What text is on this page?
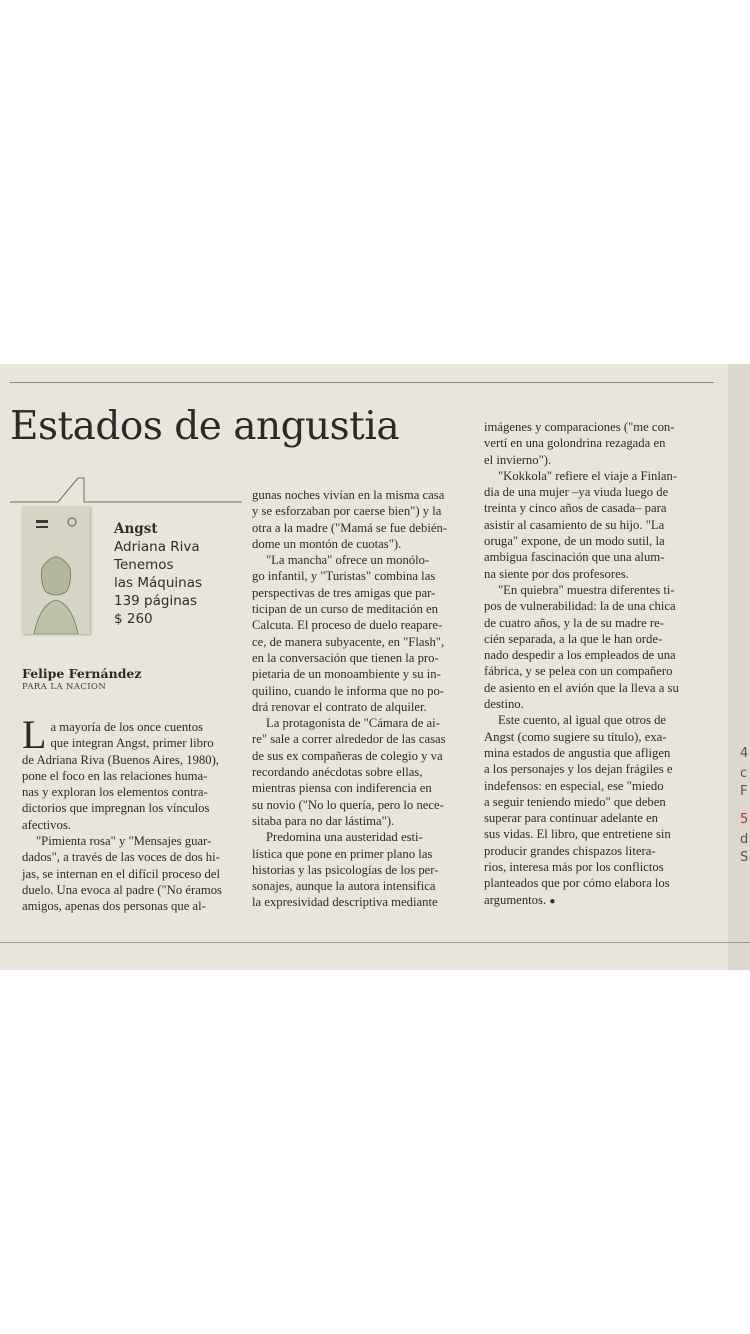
Estados de angustia
Angst
Adriana Riva
Tenemos
las Máquinas
139 páginas
$ 260
Felipe Fernández
PARA LA NACION
L a mayoría de los once cuentos
que integran Angst, primer libro
de Adriana Riva (Buenos Aires, 1980),
pone el foco en las relaciones huma-
nas y exploran los elementos contra-
dictorios que impregnan los vínculos
afectivos.
"Pimienta rosa" y "Mensajes guar-
dados", a través de las voces de dos hi-
jas, se internan en el difícil proceso del
duelo. Una evoca al padre ("No éramos
amigos, apenas dos personas que al-
gunas noches vivían en la misma casa
y se esforzaban por caerse bien") y la
otra a la madre ("Mamá se fue debién-
dome un montón de cuotas").
"La mancha" ofrece un monólo-
go infantil, y "Turistas" combina las
perspectivas de tres amigas que par-
ticipan de un curso de meditación en
Calcuta. El proceso de duelo reapare-
ce, de manera subyacente, en "Flash",
en la conversación que tienen la pro-
pietaria de un monoambiente y su in-
quilino, cuando le informa que no po-
drá renovar el contrato de alquiler.
La protagonista de "Cámara de ai-
re" sale a correr alrededor de las casas
de sus ex compañeras de colegio y va
recordando anécdotas sobre ellas,
mientras piensa con indiferencia en
su novio ("No lo quería, pero lo nece-
sitaba para no dar lástima").
Predomina una austeridad esti-
lística que pone en primer plano las
historias y las psicologías de los per-
sonajes, aunque la autora intensifica
la expresividad descriptiva mediante
imágenes y comparaciones ("me con-
vertí en una golondrina rezagada en
el invierno").
"Kokkola" refiere el viaje a Finlan-
dia de una mujer –ya viuda luego de
treinta y cinco años de casada– para
asistir al casamiento de su hijo. "La
oruga" expone, de un modo sutil, la
ambigua fascinación que una alum-
na siente por dos profesores.
"En quiebra" muestra diferentes ti-
pos de vulnerabilidad: la de una chica
de cuatro años, y la de su madre re-
cién separada, a la que le han orde-
nado despedir a los empleados de una
fábrica, y se pelea con un compañero
de asiento en el avión que la lleva a su
destino.
Este cuento, al igual que otros de
Angst (como sugiere su título), exa-
mina estados de angustia que afligen
a los personajes y los dejan frágiles e
indefensos: en especial, ese "miedo
a seguir teniendo miedo" que deben
superar para continuar adelante en
sus vidas. El libro, que entretiene sin
producir grandes chispazos litera-
rios, interesa más por los conflictos
planteados que por cómo elabora los
argumentos. ●
4
c
F
5
d
S
